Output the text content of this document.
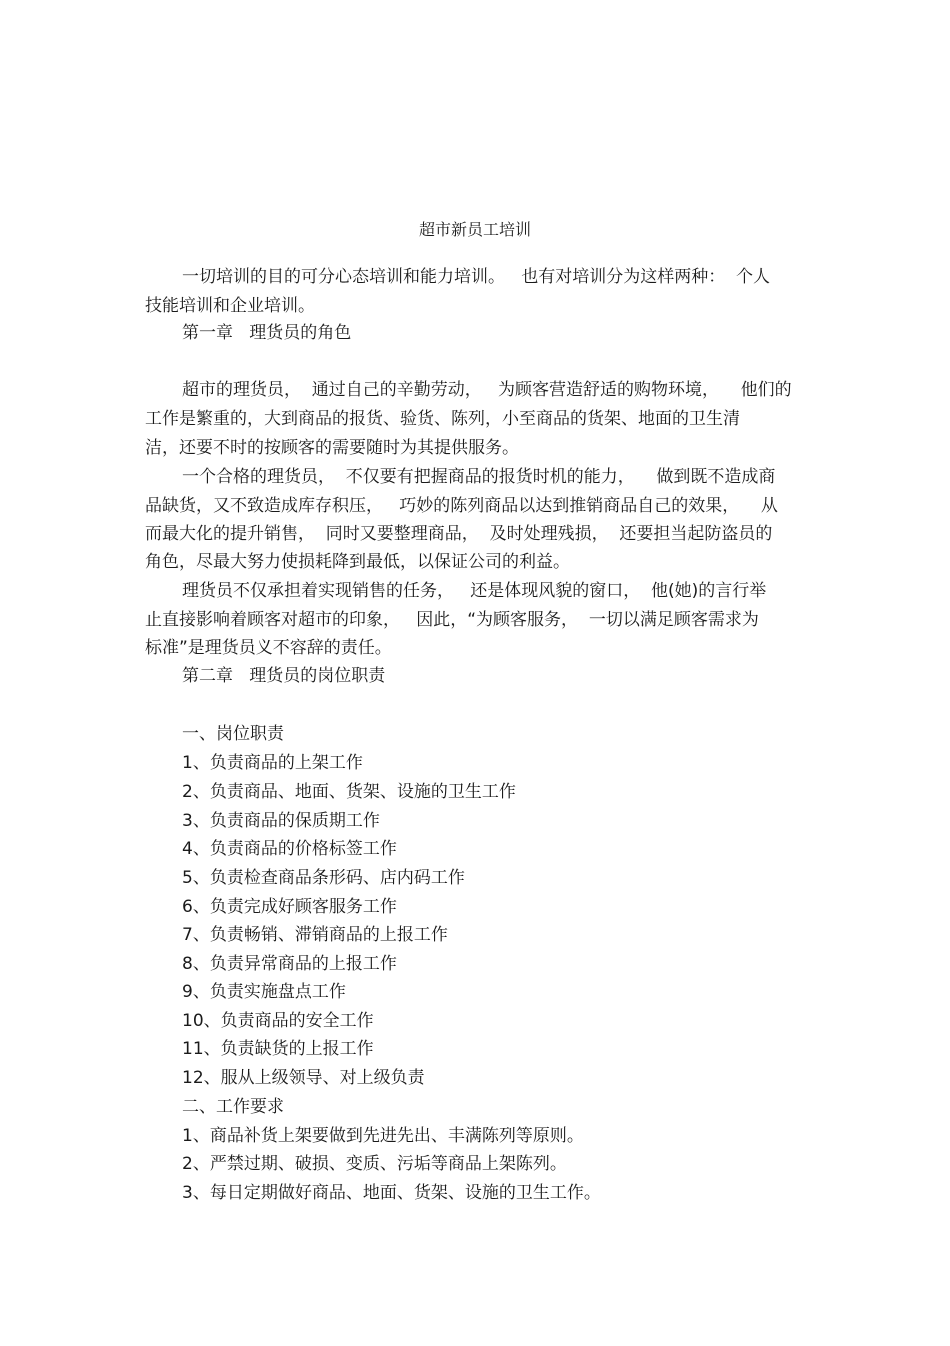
超市新员工培训
一切培训的目的可分心态培训和能力培训。   也有对培训分为这样两种：  个人
技能培训和企业培训。
第一章   理货员的角色
超市的理货员，  通过自己的辛勤劳动，   为顾客营造舒适的购物环境，    他们的
工作是繁重的，大到商品的报货、验货、陈列，小至商品的货架、地面的卫生清
洁，还要不时的按顾客的需要随时为其提供服务。
一个合格的理货员，  不仅要有把握商品的报货时机的能力，    做到既不造成商
品缺货，又不致造成库存积压，   巧妙的陈列商品以达到推销商品自己的效果，    从
而最大化的提升销售，  同时又要整理商品，  及时处理残损，  还要担当起防盗员的
角色，尽最大努力使损耗降到最低，以保证公司的利益。
理货员不仅承担着实现销售的任务，   还是体现风貌的窗口，  他(她)的言行举
止直接影响着顾客对超市的印象，   因此，“为顾客服务，  一切以满足顾客需求为
标准”是理货员义不容辞的责任。
第二章   理货员的岗位职责
一、岗位职责
1、负责商品的上架工作
2、负责商品、地面、货架、设施的卫生工作
3、负责商品的保质期工作
4、负责商品的价格标签工作
5、负责检查商品条形码、店内码工作
6、负责完成好顾客服务工作
7、负责畅销、滞销商品的上报工作
8、负责异常商品的上报工作
9、负责实施盘点工作
10、负责商品的安全工作
11、负责缺货的上报工作
12、服从上级领导、对上级负责
二、工作要求
1、商品补货上架要做到先进先出、丰满陈列等原则。
2、严禁过期、破损、变质、污垢等商品上架陈列。
3、每日定期做好商品、地面、货架、设施的卫生工作。
